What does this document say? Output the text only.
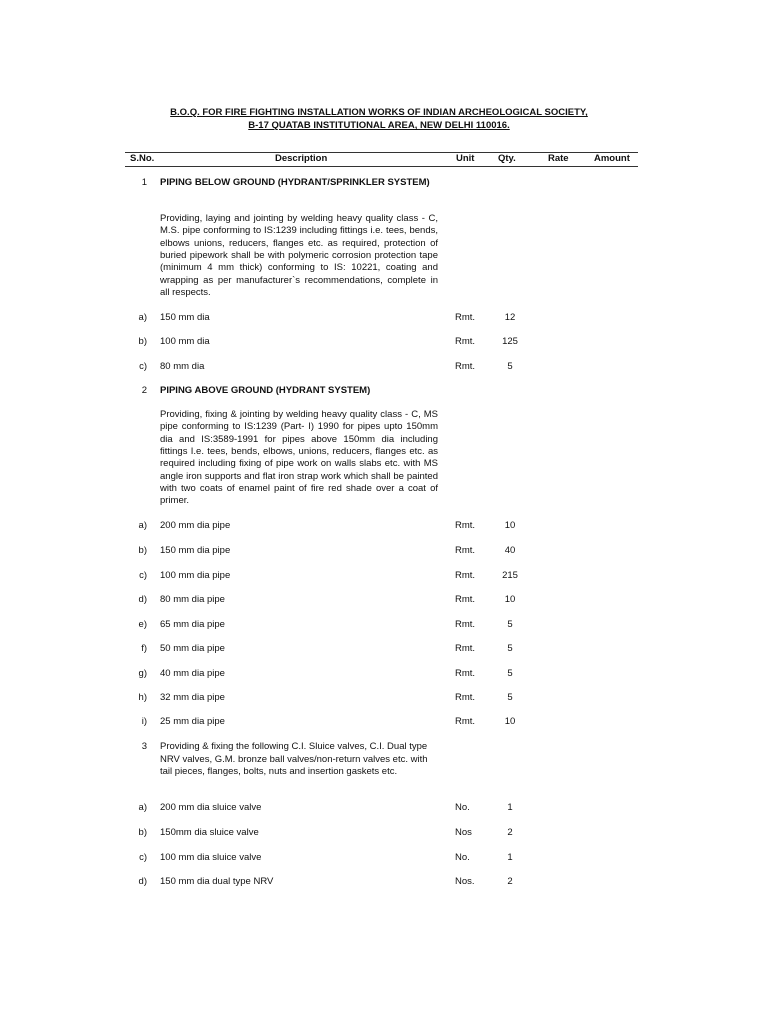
B.O.Q. FOR FIRE FIGHTING INSTALLATION WORKS OF INDIAN ARCHEOLOGICAL SOCIETY,
B-17 QUATAB INSTITUTIONAL AREA, NEW DELHI 110016.
S.No.	Description	Unit Qty.	Rate	Amount
1 PIPING BELOW GROUND (HYDRANT/SPRINKLER SYSTEM)
Providing, laying and jointing by welding heavy quality class - C, M.S. pipe conforming to IS:1239 including fittings i.e. tees, bends, elbows unions, reducers, flanges etc. as required, protection of buried pipework shall be with polymeric corrosion protection tape (minimum 4 mm thick) conforming to IS: 10221, coating and wrapping as per manufacturer`s recommendations, complete in all respects.
a) 150 mm dia	Rmt.	12
b) 100 mm dia	Rmt.	125
c) 80 mm dia	Rmt.	5
2 PIPING ABOVE GROUND (HYDRANT SYSTEM)
Providing, fixing & jointing by welding heavy quality class - C, MS pipe conforming to IS:1239 (Part- I) 1990 for pipes upto 150mm dia and IS:3589-1991 for pipes above 150mm dia including fittings I.e. tees, bends, elbows, unions, reducers, flanges etc. as required including fixing of pipe work on walls slabs etc. with MS angle iron supports and flat iron strap work which shall be painted with two coats of enamel paint of fire red shade over a coat of primer.
a) 200 mm dia pipe	Rmt.	10
b) 150 mm dia pipe	Rmt.	40
c) 100 mm dia pipe	Rmt.	215
d) 80 mm dia pipe	Rmt.	10
e) 65 mm dia pipe	Rmt.	5
f) 50 mm dia pipe	Rmt.	5
g) 40 mm dia pipe	Rmt.	5
h) 32 mm dia pipe	Rmt.	5
i) 25 mm dia pipe	Rmt.	10
3 Providing & fixing the following C.I. Sluice valves, C.I. Dual type
NRV valves, G.M. bronze ball valves/non-return valves etc. with
tail pieces, flanges, bolts, nuts and insertion gaskets etc.
a) 200 mm dia sluice valve	No.	1
b) 150mm dia sluice valve	Nos	2
c) 100 mm dia sluice valve	No.	1
d) 150 mm dia dual type NRV	Nos.	2
